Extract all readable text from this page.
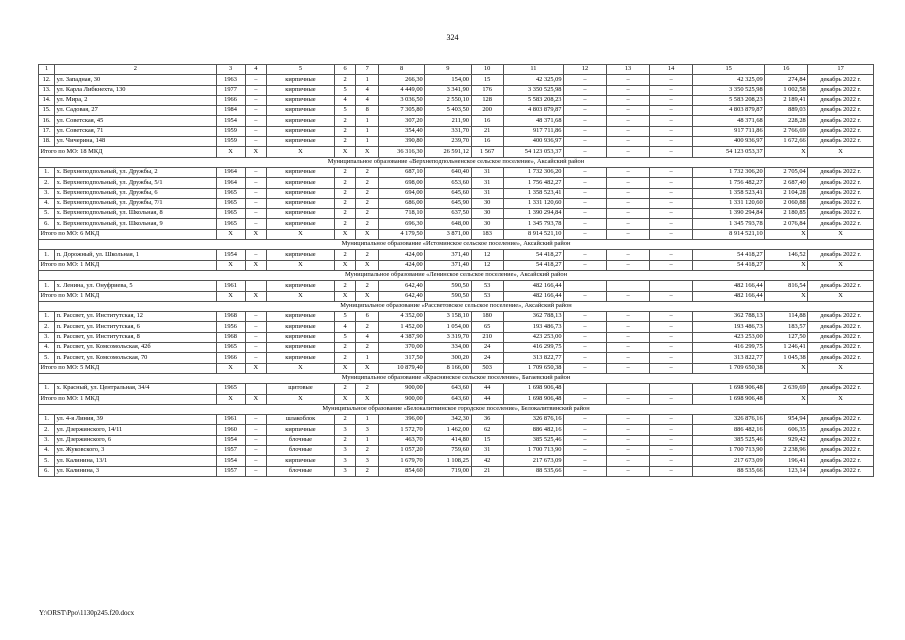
324
1	2	3	4	5	6	7	8	9	10	11	12	13	14	15	16	17
12.	ул. Западная, 30	1963	–	кирпичные	2	1	266,30	154,00	15	42 325,09	–	–	–	42 325,09	274,84	декабрь 2022 г.
13.	ул. Карла Либкнехта, 130	1977	–	кирпичные	5	4	4 449,00	3 341,90	176	3 350 525,98	–	–	–	3 350 525,98	1 002,58	декабрь 2022 г.
14.	ул. Мира, 2	1966	–	кирпичные	4	4	3 036,50	2 550,10	128	5 583 208,23	–	–	–	5 583 208,23	2 189,41	декабрь 2022 г.
15.	ул. Садовая, 27	1984	–	кирпичные	5	8	7 305,80	5 403,50	200	4 803 879,87	–	–	–	4 803 879,87	889,03	декабрь 2022 г.
16.	ул. Советская, 45	1954	–	кирпичные	2	1	307,20	211,90	16	48 371,68	–	–	–	48 371,68	228,28	декабрь 2022 г.
17.	ул. Советская, 71	1959	–	кирпичные	2	1	354,40	331,70	21	917 711,86	–	–	–	917 711,86	2 766,69	декабрь 2022 г.
18.	ул. Чичерина, 148	1959	–	кирпичные	2	1	390,80	239,70	16	400 936,97	–	–	–	400 936,97	1 672,66	декабрь 2022 г.
Итого по МО: 18 МКД		Х	Х	Х	Х	Х	36 316,30	26 591,12	1 567	54 123 053,37	–	–	–	54 123 053,37	Х	Х
Муниципальное образование «Верхнеподпольненское сельское поселение», Аксайский район																
1.	х. Верхнеподпольный, ул. Дружбы, 2	1964	–	кирпичные	2	2	687,10	640,40	31	1 732 306,20	–	–	–	1 732 306,20	2 705,04	декабрь 2022 г.
2.	х. Верхнеподпольный, ул. Дружбы, 5/1	1964	–	кирпичные	2	2	698,00	653,60	31	1 756 482,27	–	–	–	1 756 482,27	2 687,40	декабрь 2022 г.
3.	х. Верхнеподпольный, ул. Дружбы, 6	1965	–	кирпичные	2	2	694,00	645,60	31	1 358 523,41	–	–	–	1 358 523,41	2 104,28	декабрь 2022 г.
4.	х. Верхнеподпольный, ул. Дружбы, 7/1	1965	–	кирпичные	2	2	686,00	645,90	30	1 331 120,60	–	–	–	1 331 120,60	2 060,88	декабрь 2022 г.
5.	х. Верхнеподпольный, ул. Школьная, 8	1965	–	кирпичные	2	2	718,10	637,50	30	1 390 294,84	–	–	–	1 390 294,84	2 180,85	декабрь 2022 г.
6.	х. Верхнеподпольный, ул. Школьная, 9	1965	–	кирпичные	2	2	696,30	648,00	30	1 345 793,78	–	–	–	1 345 793,78	2 076,84	декабрь 2022 г.
Итого по МО: 6 МКД		Х	Х	Х	Х	Х	4 179,50	3 871,00	183	8 914 521,10	–	–	–	8 914 521,10	Х	Х
Муниципальное образование «Истоминское сельское поселение», Аксайский район																
1.	п. Дорожный, ул. Школьная, 1	1954	–	кирпичные	2	2	424,00	371,40	12	54 418,27	–	–	–	54 418,27	146,52	декабрь 2022 г.
Итого по МО: 1 МКД		Х	Х	Х	Х	Х	424,00	371,40	12	54 418,27	–	–	–	54 418,27	Х	Х
Муниципальное образование «Ленинское сельское поселение», Аксайский район																
1.	х. Ленина, ул. Онуфриева, 5	1961		кирпичные	2	2	642,40	590,50	53	482 166,44				482 166,44	816,54	декабрь 2022 г.
Итого по МО: 1 МКД		Х	Х	Х	Х	Х	642,40	590,50	53	482 166,44	–	–	–	482 166,44	Х	Х
Муниципальное образование «Рассветовское сельское поселение», Аксайский район																
1.	п. Рассвет, ул. Институтская, 12	1968	–	кирпичные	5	6	4 352,00	3 158,10	180	362 788,13	–	–	–	362 788,13	114,88	декабрь 2022 г.
2.	п. Рассвет, ул. Институтская, 6	1956	–	кирпичные	4	2	1 452,00	1 054,00	65	193 486,73	–	–	–	193 486,73	183,57	декабрь 2022 г.
3.	п. Рассвет, ул. Институтская, 8	1968	–	кирпичные	5	4	4 387,90	3 319,70	210	423 253,00	–	–	–	423 253,00	127,50	декабрь 2022 г.
4.	п. Рассвет, ул. Комсомольская, 42б	1965	–	кирпичные	2	2	370,00	334,00	24	416 299,75	–	–	–	416 299,75	1 246,41	декабрь 2022 г.
5.	п. Рассвет, ул. Комсомольская, 70	1966	–	кирпичные	2	1	317,50	300,20	24	313 822,77	–	–	–	313 822,77	1 045,38	декабрь 2022 г.
Итого по МО: 5 МКД		Х	Х	Х	Х	Х	10 879,40	8 166,00	503	1 709 650,38	–	–	–	1 709 650,38	Х	Х
Муниципальное образование «Краснянское сельское поселение», Багаевский район																
1.	х. Красный, ул. Центральная, 34/4	1965		щитовые	2	2	900,00	643,60	44	1 698 906,48				1 698 906,48	2 639,69	декабрь 2022 г.
Итого по МО: 1 МКД		Х	Х	Х	Х	Х	900,00	643,60	44	1 698 906,48	–	–	–	1 698 906,48	Х	Х
Муниципальное образование «Белокалитвинское городское поселение», Белокалитвинский район																
1.	ул. 4-я Линия, 39	1961	–	шлакоблок	2	1	396,00	342,30	36	326 876,16	–	–	–	326 876,16	954,94	декабрь 2022 г.
2.	ул. Дзержинского, 14/11	1960	–	кирпичные	3	3	1 572,70	1 462,00	62	886 482,16	–	–	–	886 482,16	606,35	декабрь 2022 г.
3.	ул. Дзержинского, 6	1954	–	блочные	2	1	463,70	414,80	15	385 525,46	–	–	–	385 525,46	929,42	декабрь 2022 г.
4.	ул. Жуковского, 3	1957	–	блочные	3	2	1 057,20	759,60	31	1 700 713,90	–	–	–	1 700 713,90	2 238,96	декабрь 2022 г.
5.	ул. Калинина, 13/1	1954	–	кирпичные	3	3	1 679,70	1 108,25	42	217 673,09	–	–	–	217 673,09	196,41	декабрь 2022 г.
6.	ул. Калинина, 3	1957	–	блочные	3	2	854,60	719,00	21	88 535,66	–	–	–	88 535,66	123,14	декабрь 2022 г.
Y:\ORST\Ppo\1130p245.f20.docx
